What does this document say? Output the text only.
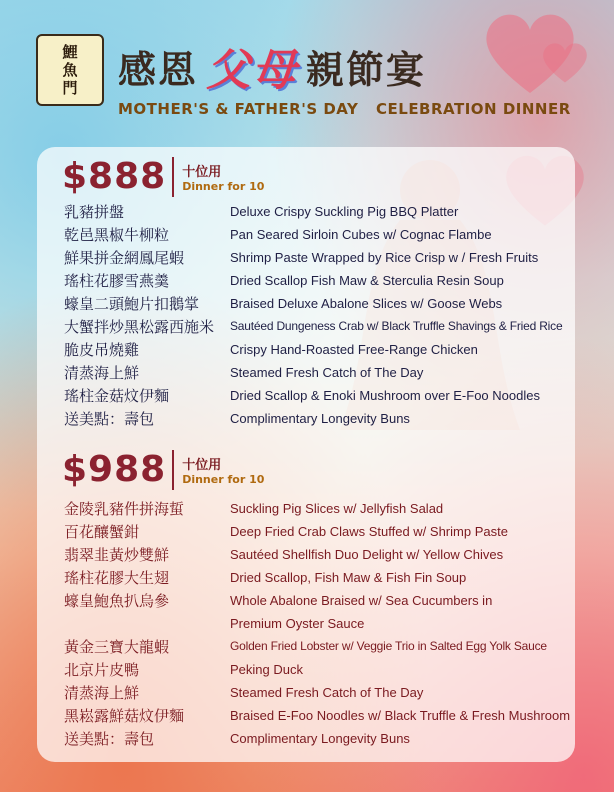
鯉
魚
門 感恩 父母 親節宴
MOTHER'S & FATHER'S DAY CELEBRATION DINNER
$888 十位用
Dinner for 10
乳豬拼盤	Deluxe Crispy Suckling Pig BBQ Platter
乾邑黑椒牛柳粒	Pan Seared Sirloin Cubes w/ Cognac Flambe
鮮果拼金網鳳尾蝦	Shrimp Paste Wrapped by Rice Crisp w / Fresh Fruits
瑤柱花膠雪燕羹	Dried Scallop Fish Maw & Sterculia Resin Soup
蠔皇二頭鮑片扣鵝掌	Braised Deluxe Abalone Slices w/ Goose Webs
大蟹拌炒黑松露西施米	Sautéed Dungeness Crab w/ Black Truffle Shavings & Fried Rice
脆皮吊燒雞	Crispy Hand-Roasted Free-Range Chicken
清蒸海上鮮	Steamed Fresh Catch of The Day
瑤柱金菇炆伊麵	Dried Scallop & Enoki Mushroom over E-Foo Noodles
送美點：壽包	Complimentary Longevity Buns
$988 十位用
Dinner for 10
金陵乳豬件拼海蜇	Suckling Pig Slices w/ Jellyfish Salad
百花釀蟹鉗	Deep Fried Crab Claws Stuffed w/ Shrimp Paste
翡翠韭黃炒雙鮮	Sautéed Shellfish Duo Delight w/ Yellow Chives
瑤柱花膠大生翅	Dried Scallop, Fish Maw & Fish Fin Soup
蠔皇鮑魚扒烏參	Whole Abalone Braised w/ Sea Cucumbers in
Premium Oyster Sauce
黃金三寶大龍蝦	Golden Fried Lobster w/ Veggie Trio in Salted Egg Yolk Sauce
北京片皮鴨	Peking Duck
清蒸海上鮮	Steamed Fresh Catch of The Day
黑崧露鮮菇炆伊麵	Braised E-Foo Noodles w/ Black Truffle & Fresh Mushroom
送美點：壽包	Complimentary Longevity Buns
